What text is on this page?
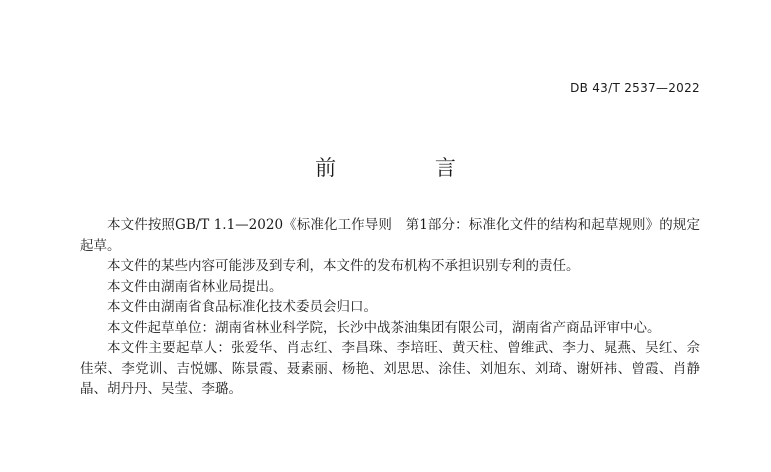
DB 43/T 2537—2022
前 言

本文件按照GB/T 1.1—2020《标准化工作导则　第1部分：标准化文件的结构和起草规则》的规定起草。

本文件的某些内容可能涉及到专利，本文件的发布机构不承担识别专利的责任。

本文件由湖南省林业局提出。

本文件由湖南省食品标准化技术委员会归口。

本文件起草单位：湖南省林业科学院，长沙中战茶油集团有限公司，湖南省产商品评审中心。

本文件主要起草人：张爱华、肖志红、李昌珠、李培旺、黄天柱、曾维武、李力、晁燕、吴红、佘佳荣、李党训、吉悦娜、陈景霞、聂素丽、杨艳、刘思思、涂佳、刘旭东、刘琦、谢妍祎、曾霞、肖静晶、胡丹丹、吴莹、李璐。
